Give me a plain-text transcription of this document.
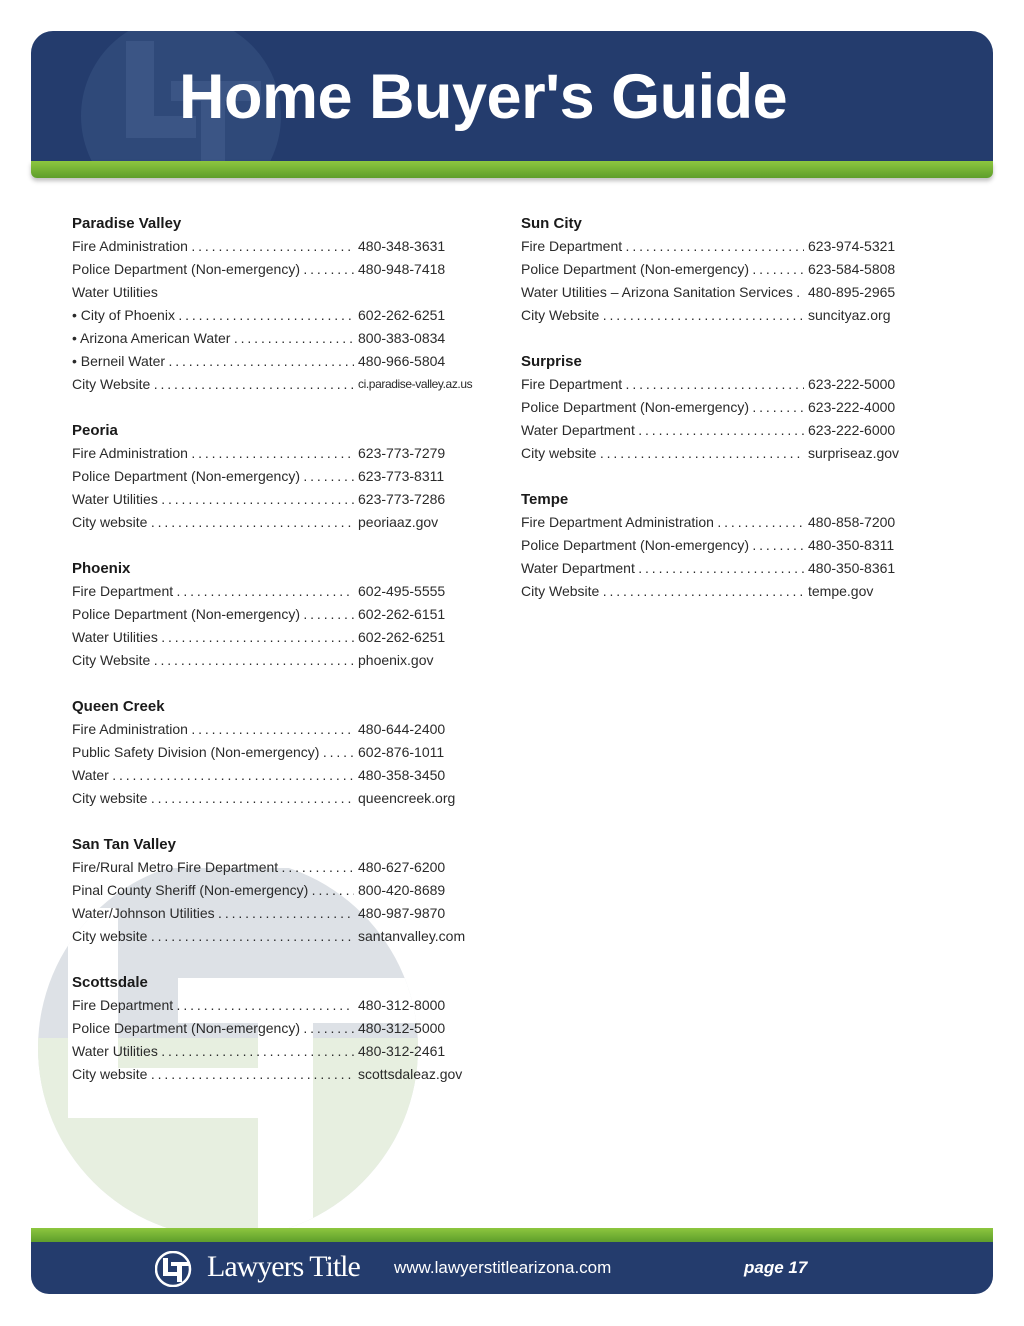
Home Buyer's Guide
Paradise Valley
Fire Administration . . .	480-348-3631
Police Department (Non-emergency) . . .	480-948-7418
Water Utilities
• City of Phoenix . . .	602-262-6251
• Arizona American Water . . .	800-383-0834
• Berneil Water . . .	480-966-5804
City Website . . .	ci.paradise-valley.az.us
Peoria
Fire Administration . . .	623-773-7279
Police Department (Non-emergency) . . .	623-773-8311
Water Utilities . . .	623-773-7286
City website . . .	peoriaaz.gov
Phoenix
Fire Department . . .	602-495-5555
Police Department (Non-emergency) . . .	602-262-6151
Water Utilities . . .	602-262-6251
City Website . . .	phoenix.gov
Queen Creek
Fire Administration . . .	480-644-2400
Public Safety Division (Non-emergency) . . .	602-876-1011
Water . . .	480-358-3450
City website . . .	queencreek.org
San Tan Valley
Fire/Rural Metro Fire Department . . .	480-627-6200
Pinal County Sheriff (Non-emergency) . . .	800-420-8689
Water/Johnson Utilities . . .	480-987-9870
City website . . .	santanvalley.com
Scottsdale
Fire Department . . .	480-312-8000
Police Department (Non-emergency) . . .	480-312-5000
Water Utilities . . .	480-312-2461
City website . . .	scottsdaleaz.gov
Sun City
Fire Department . . .	623-974-5321
Police Department (Non-emergency) . . .	623-584-5808
Water Utilities – Arizona Sanitation Services . . .	480-895-2965
City Website . . .	suncityaz.org
Surprise
Fire Department . . .	623-222-5000
Police Department (Non-emergency) . . .	623-222-4000
Water Department . . .	623-222-6000
City website . . .	surpriseaz.gov
Tempe
Fire Department Administration . . .	480-858-7200
Police Department (Non-emergency) . . .	480-350-8311
Water Department . . .	480-350-8361
City Website . . .	tempe.gov
Lawyers Title www.lawyerstitlearizona.com	page 17
